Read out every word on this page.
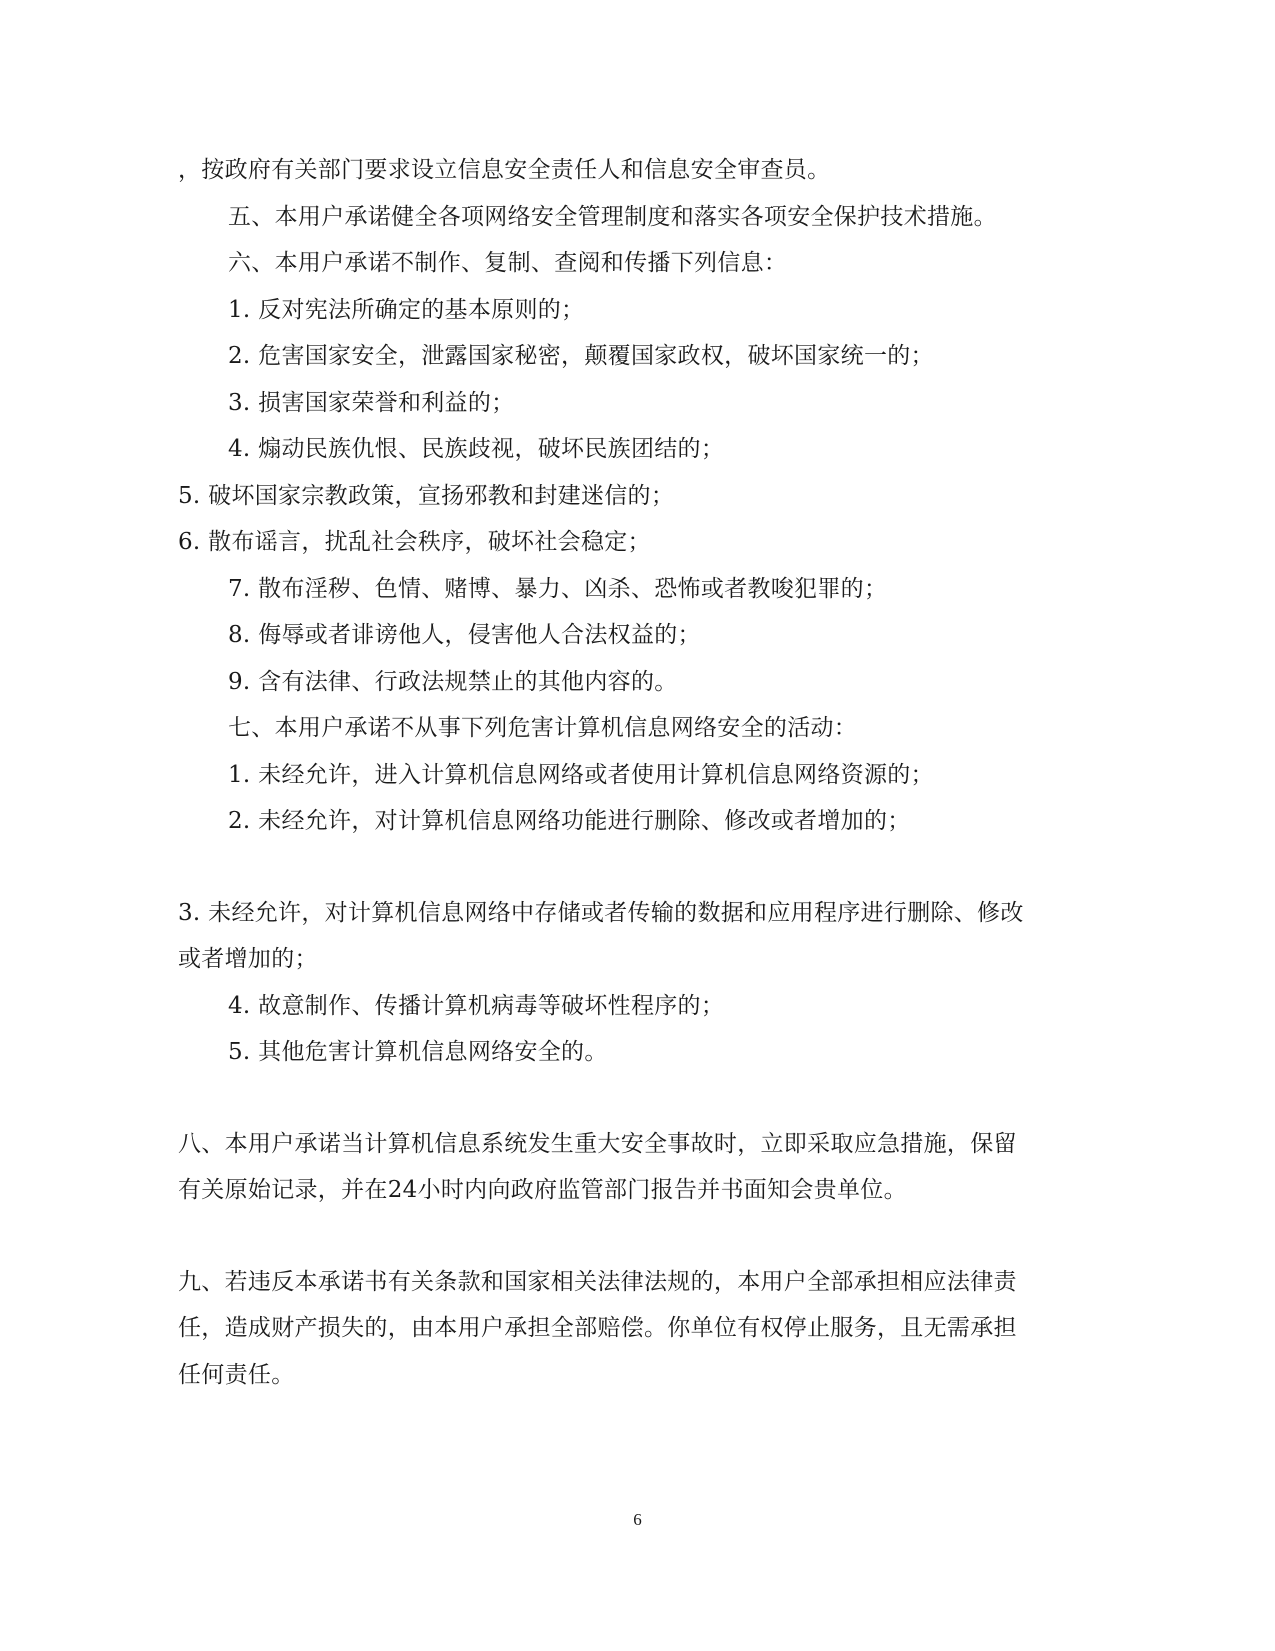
，按政府有关部门要求设立信息安全责任人和信息安全审查员。
五、本用户承诺健全各项网络安全管理制度和落实各项安全保护技术措施。
六、本用户承诺不制作、复制、查阅和传播下列信息：
1. 反对宪法所确定的基本原则的；
2. 危害国家安全，泄露国家秘密，颠覆国家政权，破坏国家统一的；
3. 损害国家荣誉和利益的；
4. 煽动民族仇恨、民族歧视，破坏民族团结的；
5. 破坏国家宗教政策，宣扬邪教和封建迷信的；
6. 散布谣言，扰乱社会秩序，破坏社会稳定；
7. 散布淫秽、色情、赌博、暴力、凶杀、恐怖或者教唆犯罪的；
8. 侮辱或者诽谤他人，侵害他人合法权益的；
9. 含有法律、行政法规禁止的其他内容的。
七、本用户承诺不从事下列危害计算机信息网络安全的活动：
1. 未经允许，进入计算机信息网络或者使用计算机信息网络资源的；
2. 未经允许，对计算机信息网络功能进行删除、修改或者增加的；
3. 未经允许，对计算机信息网络中存储或者传输的数据和应用程序进行删除、修改
或者增加的；
4. 故意制作、传播计算机病毒等破坏性程序的；
5. 其他危害计算机信息网络安全的。
八、本用户承诺当计算机信息系统发生重大安全事故时，立即采取应急措施，保留
有关原始记录，并在24小时内向政府监管部门报告并书面知会贵单位。
九、若违反本承诺书有关条款和国家相关法律法规的，本用户全部承担相应法律责
任，造成财产损失的，由本用户承担全部赔偿。你单位有权停止服务，且无需承担
任何责任。
6
